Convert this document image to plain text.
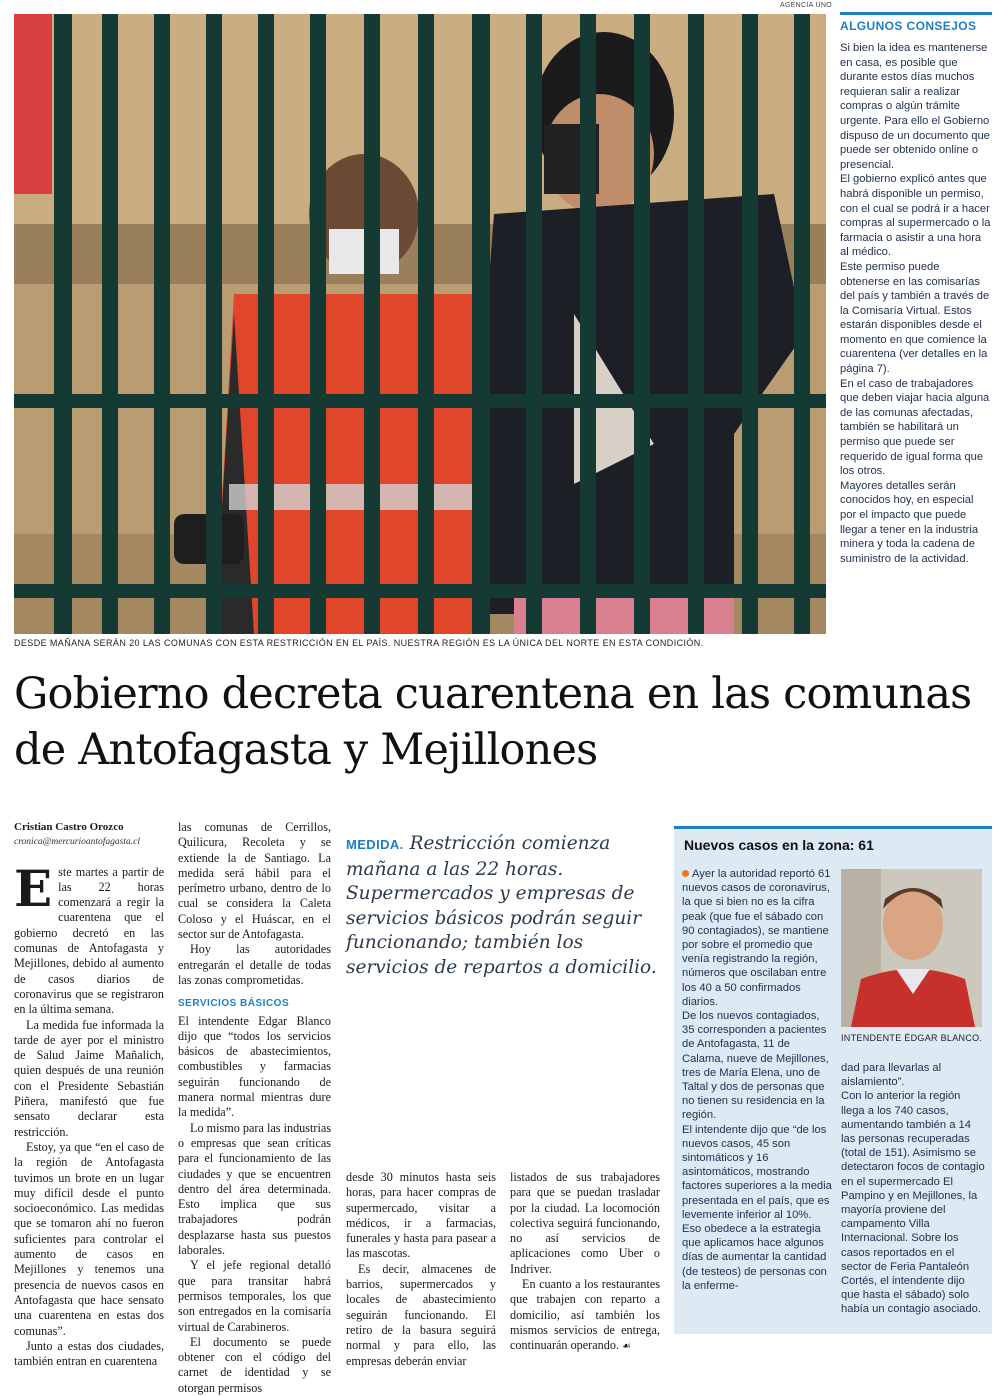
AGENCIA UNO
DESDE MAÑANA SERÁN 20 LAS COMUNAS CON ESTA RESTRICCIÓN EN EL PAÍS. NUESTRA REGIÓN ES LA ÚNICA DEL NORTE EN ESTA CONDICIÓN.
ALGUNOS CONSEJOS

Si bien la idea es mantenerse en casa, es posible que durante estos días muchos requieran salir a realizar compras o algún trámite urgente. Para ello el Gobierno dispuso de un documento que puede ser obtenido online o presencial.

El gobierno explicó antes que habrá disponible un permiso, con el cual se podrá ir a hacer compras al supermercado o la farmacia o asistir a una hora al médico.

Este permiso puede obtenerse en las comisarías del país y también a través de la Comisaría Virtual. Estos estarán disponibles desde el momento en que comience la cuarentena (ver detalles en la página 7).

En el caso de trabajadores que deben viajar hacia alguna de las comunas afectadas, también se habilitará un permiso que puede ser requerido de igual forma que los otros.

Mayores detalles serán conocidos hoy, en especial por el impacto que puede llegar a tener en la industria minera y toda la cadena de suministro de la actividad.

Gobierno decreta cuarentena en las comunas de Antofagasta y Mejillones
Cristian Castro Orozco
cronica@mercurioantofagasta.cl

Este martes a partir de las 22 horas comenzará a regir la cuarentena que el gobierno decretó en las comunas de Antofagasta y Mejillones, debido al aumento de casos diarios de coronavirus que se registraron en la última semana.

La medida fue informada la tarde de ayer por el ministro de Salud Jaime Mañalich, quien después de una reunión con el Presidente Sebastián Piñera, manifestó que fue sensato declarar esta restricción.

Estoy, ya que “en el caso de la región de Antofagasta tuvimos un brote en un lugar muy difícil desde el punto socioeconómico. Las medidas que se tomaron ahí no fueron suficientes para controlar el aumento de casos en Mejillones y tenemos una presencia de nuevos casos en Antofagasta que hace sensato una cuarentena en estas dos comunas”.

Junto a estas dos ciudades, también entran en cuarentena

las comunas de Cerrillos, Quilicura, Recoleta y se extiende la de Santiago. La medida será hábil para el perímetro urbano, dentro de lo cual se considera la Caleta Coloso y el Huáscar, en el sector sur de Antofagasta.

Hoy las autoridades entregarán el detalle de todas las zonas comprometidas.

SERVICIOS BÁSICOS

El intendente Edgar Blanco dijo que “todos los servicios básicos de abastecimientos, combustibles y farmacias seguirán funcionando de manera normal mientras dure la medida”.

Lo mismo para las industrias o empresas que sean críticas para el funcionamiento de las ciudades y que se encuentren dentro del área determinada. Esto implica que sus trabajadores podrán desplazarse hasta sus puestos laborales.

Y el jefe regional detalló que para transitar habrá permisos temporales, los que son entregados en la comisaría virtual de Carabineros.

El documento se puede obtener con el código del carnet de identidad y se otorgan permisos

MEDIDA. Restricción comienza mañana a las 22 horas. Supermercados y empresas de servicios básicos podrán seguir funcionando; también los servicios de repartos a domicilio.

desde 30 minutos hasta seis horas, para hacer compras de supermercado, visitar a médicos, ir a farmacias, funerales y hasta para pasear a las mascotas.

Es decir, almacenes de barrios, supermercados y locales de abastecimiento seguirán funcionando. El retiro de la basura seguirá normal y para ello, las empresas deberán enviar

listados de sus trabajadores para que se puedan trasladar por la ciudad. La locomoción colectiva seguirá funcionando, no así servicios de aplicaciones como Uber o Indriver.

En cuanto a los restaurantes que trabajen con reparto a domicilio, así también los mismos servicios de entrega, continuarán operando. ☙

Nuevos casos en la zona: 61

Ayer la autoridad reportó 61 nuevos casos de coronavirus, la que si bien no es la cifra peak (que fue el sábado con 90 contagiados), se mantiene por sobre el promedio que venía registrando la región, números que oscilaban entre los 40 a 50 confirmados diarios.

De los nuevos contagiados, 35 corresponden a pacientes de Antofagasta, 11 de Calama, nueve de Mejillones, tres de María Elena, uno de Taltal y dos de personas que no tienen su residencia en la región.

El intendente dijo que “de los nuevos casos, 45 son sintomáticos y 16 asintomáticos, mostrando factores superiores a la media presentada en el país, que es levemente inferior al 10%. Eso obedece a la estrategia que aplicamos hace algunos días de aumentar la cantidad (de testeos) de personas con la enferme-

INTENDENTE ÉDGAR BLANCO.

dad para llevarlas al aislamiento”.

Con lo anterior la región llega a los 740 casos, aumentando también a 14 las personas recuperadas (total de 151). Asimismo se detectaron focos de contagio en el supermercado El Pampino y en Mejillones, la mayoría proviene del campamento Villa Internacional. Sobre los casos reportados en el sector de Feria Pantaleón Cortés, el intendente dijo que hasta el sábado) solo había un contagio asociado.
